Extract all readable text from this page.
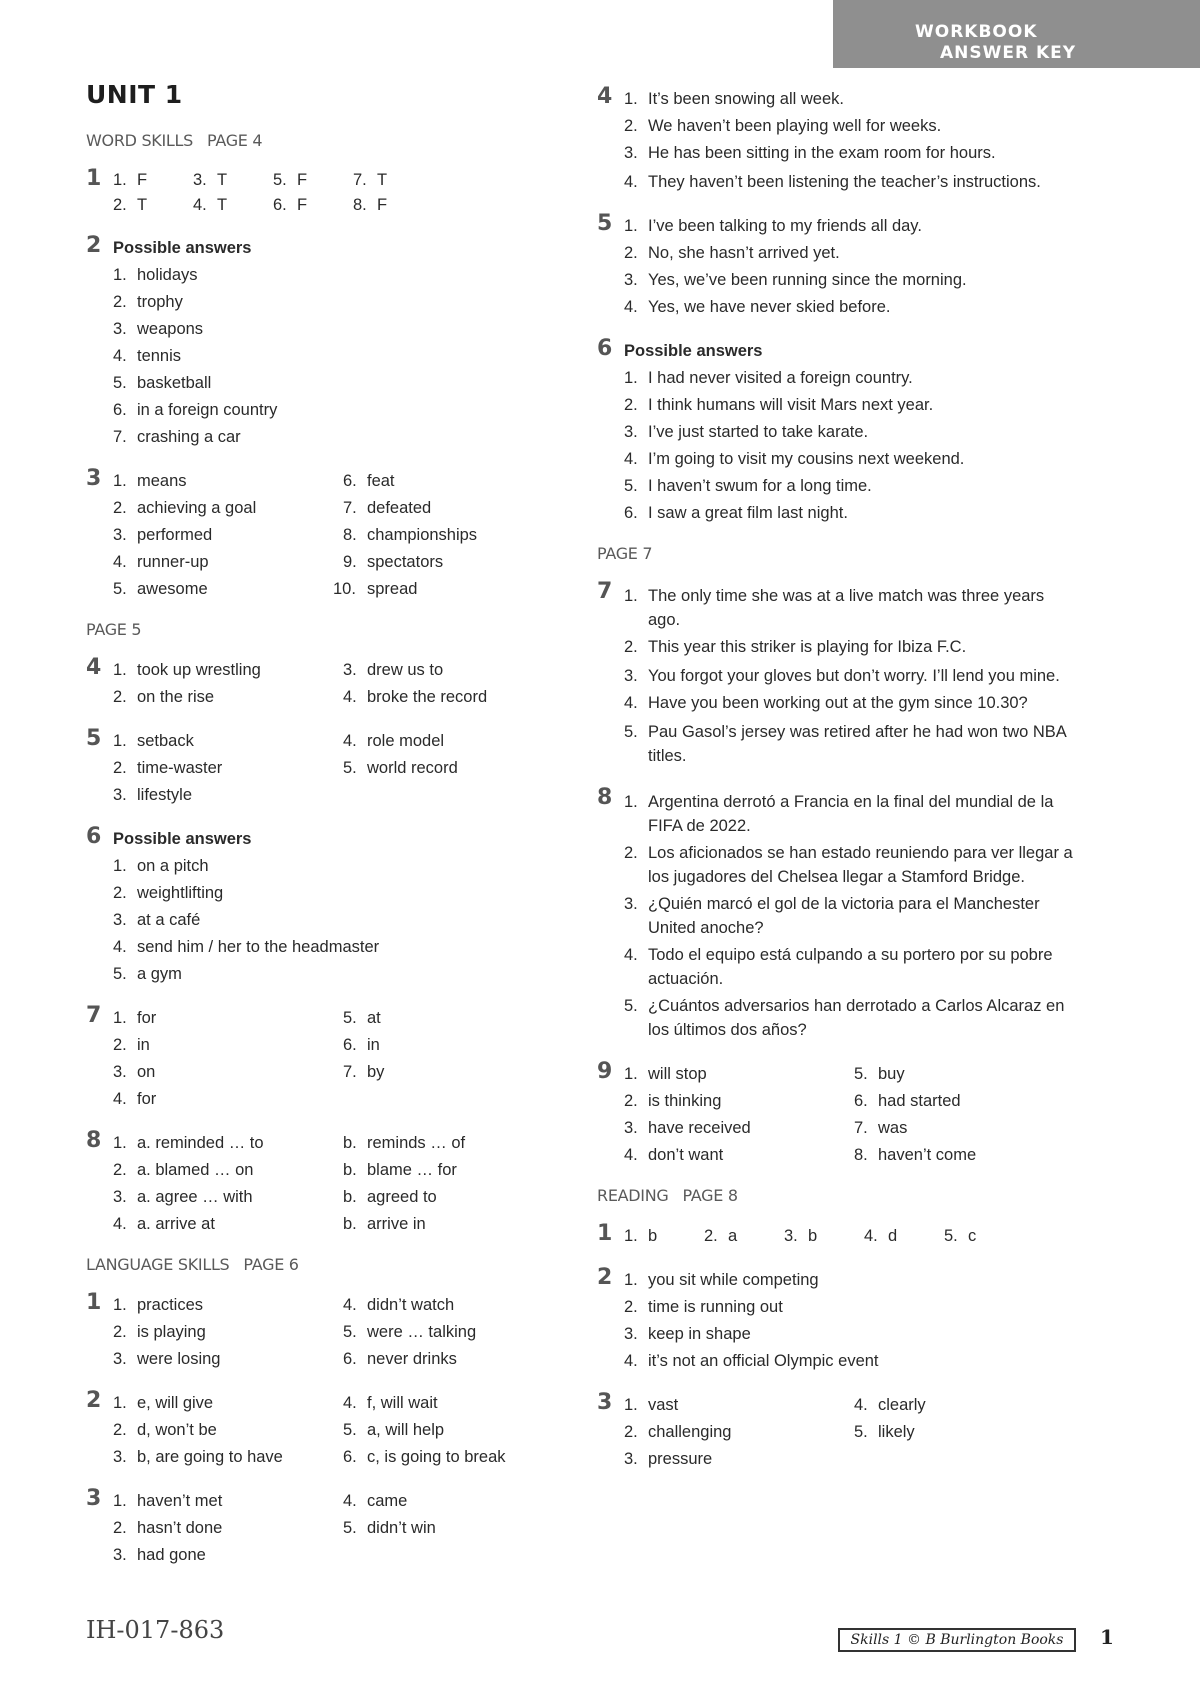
WORKBOOK
ANSWER KEY
UNIT 1
WORD SKILLS PAGE 4
1 1. F	3. T	5. F	7. T
2. T	4. T	6. F	8. F
2 Possible answers
1. holidays
2. trophy
3. weapons
4. tennis
5. basketball
6. in a foreign country
7. crashing a car
3 1. means	6. feat
2. achieving a goal	7. defeated
3. performed	8. championships
4. runner-up	9. spectators
5. awesome	10. spread
PAGE 5
4 1. took up wrestling	3. drew us to
2. on the rise	4. broke the record
5 1. setback	4. role model
2. time-waster	5. world record
3. lifestyle
6 Possible answers
1. on a pitch
2. weightlifting
3. at a café
4. send him / her to the headmaster
5. a gym
7 1. for	5. at
2. in	6. in
3. on	7. by
4. for
8 1. a. reminded … to	b. reminds … of
2. a. blamed … on	b. blame … for
3. a. agree … with	b. agreed to
4. a. arrive at	b. arrive in
LANGUAGE SKILLS PAGE 6
1 1. practices	4. didn’t watch
2. is playing	5. were … talking
3. were losing	6. never drinks
2 1. e, will give	4. f, will wait
2. d, won’t be	5. a, will help
3. b, are going to have	6. c, is going to break
3 1. haven’t met	4. came
2. hasn’t done	5. didn’t win
3. had gone
4 1. It’s been snowing all week.
2. We haven’t been playing well for weeks.
3. He has been sitting in the exam room for hours.
4. They haven’t been listening the teacher’s instructions.
5 1. I’ve been talking to my friends all day.
2. No, she hasn’t arrived yet.
3. Yes, we’ve been running since the morning.
4. Yes, we have never skied before.
6 Possible answers
1. I had never visited a foreign country.
2. I think humans will visit Mars next year.
3. I’ve just started to take karate.
4. I’m going to visit my cousins next weekend.
5. I haven’t swum for a long time.
6. I saw a great film last night.
PAGE 7
7 1. The only time she was at a live match was three years ago.
2. This year this striker is playing for Ibiza F.C.
3. You forgot your gloves but don’t worry. I’ll lend you mine.
4. Have you been working out at the gym since 10.30?
5. Pau Gasol’s jersey was retired after he had won two NBA titles.
8 1. Argentina derrotó a Francia en la final del mundial de la FIFA de 2022.
2. Los aficionados se han estado reuniendo para ver llegar a los jugadores del Chelsea llegar a Stamford Bridge.
3. ¿Quién marcó el gol de la victoria para el Manchester United anoche?
4. Todo el equipo está culpando a su portero por su pobre actuación.
5. ¿Cuántos adversarios han derrotado a Carlos Alcaraz en los últimos dos años?
9 1. will stop	5. buy
2. is thinking	6. had started
3. have received	7. was
4. don’t want	8. haven’t come
READING PAGE 8
1 1. b	2. a	3. b	4. d	5. c
2 1. you sit while competing
2. time is running out
3. keep in shape
4. it’s not an official Olympic event
3 1. vast	4. clearly
2. challenging	5. likely
3. pressure
IH-017-863	Skills 1 © B Burlington Books	1
